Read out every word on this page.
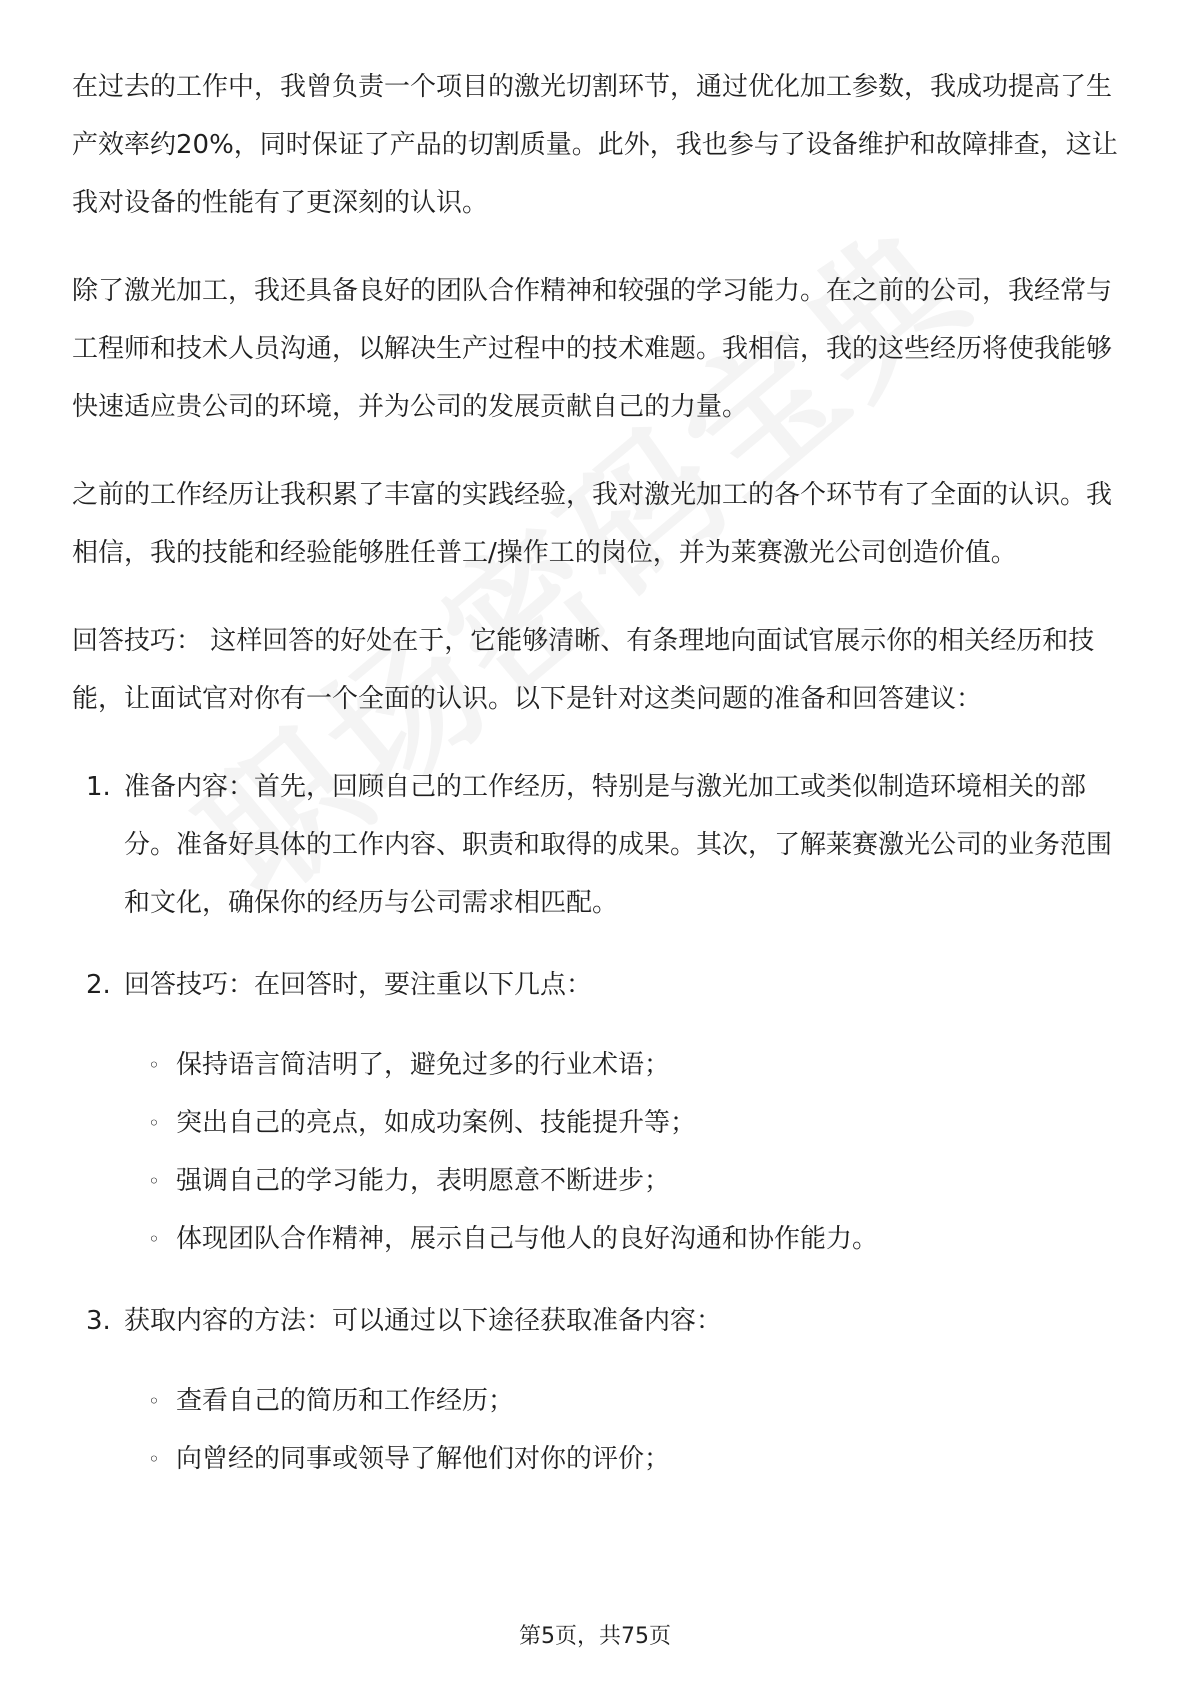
在过去的工作中，我曾负责一个项目的激光切割环节，通过优化加工参数，我成功提高了生产效率约20%，同时保证了产品的切割质量。此外，我也参与了设备维护和故障排查，这让我对设备的性能有了更深刻的认识。

除了激光加工，我还具备良好的团队合作精神和较强的学习能力。在之前的公司，我经常与工程师和技术人员沟通，以解决生产过程中的技术难题。我相信，我的这些经历将使我能够快速适应贵公司的环境，并为公司的发展贡献自己的力量。

之前的工作经历让我积累了丰富的实践经验，我对激光加工的各个环节有了全面的认识。我相信，我的技能和经验能够胜任普工/操作工的岗位，并为莱赛激光公司创造价值。

回答技巧： 这样回答的好处在于，它能够清晰、有条理地向面试官展示你的相关经历和技能，让面试官对你有一个全面的认识。以下是针对这类问题的准备和回答建议：

1. 准备内容：首先，回顾自己的工作经历，特别是与激光加工或类似制造环境相关的部分。准备好具体的工作内容、职责和取得的成果。其次，了解莱赛激光公司的业务范围和文化，确保你的经历与公司需求相匹配。
2. 回答技巧：在回答时，要注重以下几点：
◦ 保持语言简洁明了，避免过多的行业术语；
◦ 突出自己的亮点，如成功案例、技能提升等；
◦ 强调自己的学习能力，表明愿意不断进步；
◦ 体现团队合作精神，展示自己与他人的良好沟通和协作能力。
3. 获取内容的方法：可以通过以下途径获取准备内容：
◦ 查看自己的简历和工作经历；
◦ 向曾经的同事或领导了解他们对你的评价；
第5页，共75页
